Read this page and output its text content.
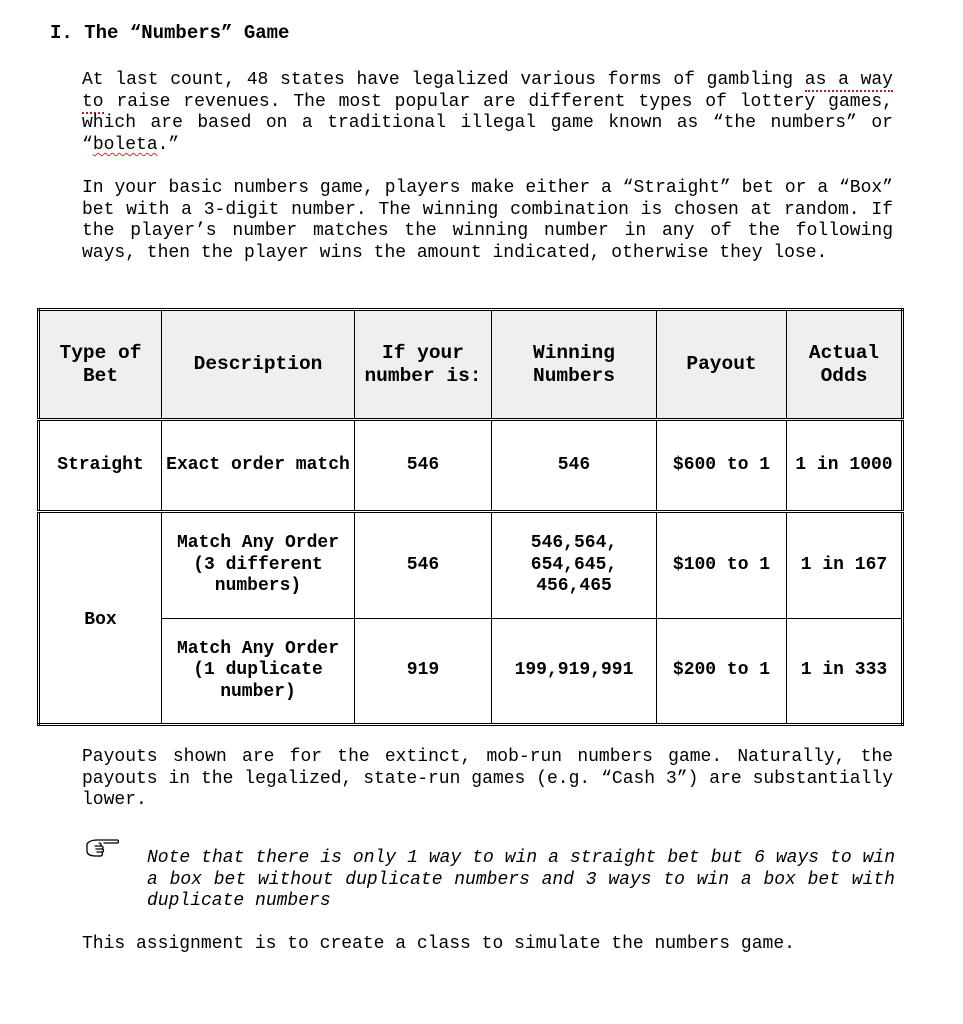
I. The “Numbers” Game

At last count, 48 states have legalized various forms of gambling as a way to raise revenues. The most popular are different types of lottery games, which are based on a traditional illegal game known as “the numbers” or “boleta.”

In your basic numbers game, players make either a “Straight” bet or a “Box” bet with a 3-digit number. The winning combination is chosen at random. If the player’s number matches the winning number in any of the following ways, then the player wins the amount indicated, otherwise they lose.

Type of Bet	Description	If your number is:	Winning Numbers	Payout	Actual Odds
Straight	Exact order match	546	546	$600 to 1	1 in 1000
Box	Match Any Order (3 different numbers)	546	546,564, 654,645, 456,465	$100 to 1	1 in 167
	Match Any Order (1 duplicate number)	919	199,919,991	$200 to 1	1 in 333

Payouts shown are for the extinct, mob-run numbers game. Naturally, the payouts in the legalized, state-run games (e.g. “Cash 3”) are substantially lower.

Note that there is only 1 way to win a straight bet but 6 ways to win a box bet without duplicate numbers and 3 ways to win a box bet with duplicate numbers

This assignment is to create a class to simulate the numbers game.
